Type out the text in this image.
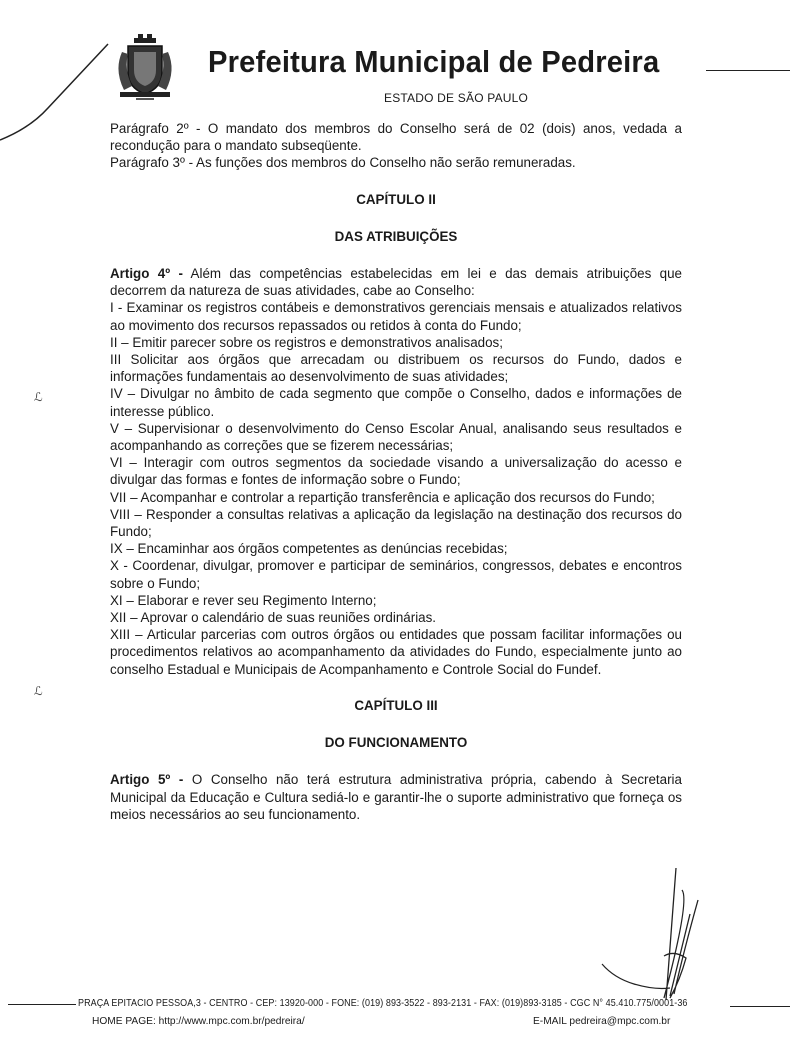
Prefeitura Municipal de Pedreira
ESTADO DE SÃO PAULO
ℒ
ℒ

Parágrafo 2º - O mandato dos membros do Conselho será de 02 (dois) anos, vedada a recondução para o mandato subseqüente.

Parágrafo 3º - As funções dos membros do Conselho não serão remuneradas.

CAPÍTULO II

DAS ATRIBUIÇÕES

Artigo 4º - Além das competências estabelecidas em lei e das demais atribuições que decorrem da natureza de suas atividades, cabe ao Conselho:

I - Examinar os registros contábeis e demonstrativos gerenciais mensais e atualizados relativos ao movimento dos recursos repassados ou retidos à conta do Fundo;

II – Emitir parecer sobre os registros e demonstrativos analisados;

III Solicitar aos órgãos que arrecadam ou distribuem os recursos do Fundo, dados e informações fundamentais ao desenvolvimento de suas atividades;

IV – Divulgar no âmbito de cada segmento que compõe o Conselho, dados e informações de interesse público.

V – Supervisionar o desenvolvimento do Censo Escolar Anual, analisando seus resultados e acompanhando as correções que se fizerem necessárias;

VI – Interagir com outros segmentos da sociedade visando a universalização do acesso e divulgar das formas e fontes de informação sobre o Fundo;

VII – Acompanhar e controlar a repartição transferência e aplicação dos recursos do Fundo;

VIII – Responder a consultas relativas a aplicação da legislação na destinação dos recursos do Fundo;

IX – Encaminhar aos órgãos competentes as denúncias recebidas;

X - Coordenar, divulgar, promover e participar de seminários, congressos, debates e encontros sobre o Fundo;

XI – Elaborar e rever seu Regimento Interno;

XII – Aprovar o calendário de suas reuniões ordinárias.

XIII – Articular parcerias com outros órgãos ou entidades que possam facilitar informações ou procedimentos relativos ao acompanhamento da atividades do Fundo, especialmente junto ao conselho Estadual e Municipais de Acompanhamento e Controle Social do Fundef.

CAPÍTULO III

DO FUNCIONAMENTO

Artigo 5º - O Conselho não terá estrutura administrativa própria, cabendo à Secretaria Municipal da Educação e Cultura sediá-lo e garantir-lhe o suporte administrativo que forneça os meios necessários ao seu funcionamento.

PRAÇA EPITACIO PESSOA,3 - CENTRO - CEP: 13920-000 - FONE: (019) 893-3522 - 893-2131 - FAX: (019)893-3185 - CGC N° 45.410.775/0001-36
HOME PAGE: http://www.mpc.com.br/pedreira/	E-MAIL pedreira@mpc.com.br
